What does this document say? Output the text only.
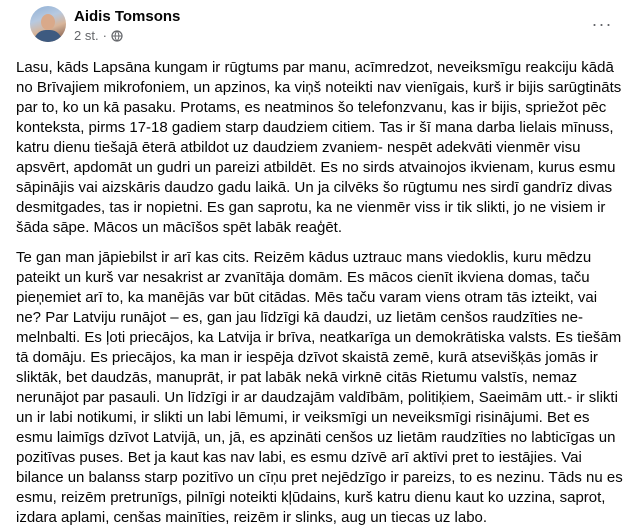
Aidis Tomsons
2 st. ·
···

Lasu, kāds Lapsāna kungam ir rūgtums par manu, acīmredzot, neveiksmīgu reakciju kādā no Brīvajiem mikrofoniem, un apzinos, ka viņš noteikti nav vienīgais, kurš ir bijis sarūgtināts par to, ko un kā pasaku. Protams, es neatminos šo telefonzvanu, kas ir bijis, spriežot pēc konteksta, pirms 17-18 gadiem starp daudziem citiem. Tas ir šī mana darba lielais mīnuss, katru dienu tiešajā ēterā atbildot uz daudziem zvaniem- nespēt adekvāti vienmēr visu apsvērt, apdomāt un gudri un pareizi atbildēt. Es no sirds atvainojos ikvienam, kurus esmu sāpinājis vai aizskāris daudzo gadu laikā. Un ja cilvēks šo rūgtumu nes sirdī gandrīz divas desmitgades, tas ir nopietni. Es gan saprotu, ka ne vienmēr viss ir tik slikti, jo ne visiem ir šāda sāpe. Mācos un mācīšos spēt labāk reaģēt.

Te gan man jāpiebilst ir arī kas cits. Reizēm kādus uztrauc mans viedoklis, kuru mēdzu pateikt un kurš var nesakrist ar zvanītāja domām. Es mācos cienīt ikviena domas, taču pieņemiet arī to, ka manējās var būt citādas. Mēs taču varam viens otram tās izteikt, vai ne? Par Latviju runājot – es, gan jau līdzīgi kā daudzi, uz lietām cenšos raudzīties ne-melnbalti. Es ļoti priecājos, ka Latvija ir brīva, neatkarīga un demokrātiska valsts. Es tiešām tā domāju. Es priecājos, ka man ir iespēja dzīvot skaistā zemē, kurā atsevišķās jomās ir sliktāk, bet daudzās, manuprāt, ir pat labāk nekā virknē citās Rietumu valstīs, nemaz nerunājot par pasauli. Un līdzīgi ir ar daudzajām valdībām, politiķiem, Saeimām utt.- ir slikti un ir labi notikumi, ir slikti un labi lēmumi, ir veiksmīgi un neveiksmīgi risinājumi. Bet es esmu laimīgs dzīvot Latvijā, un, jā, es apzināti cenšos uz lietām raudzīties no labticīgas un pozitīvas puses. Bet ja kaut kas nav labi, es esmu dzīvē arī aktīvi pret to iestājies. Vai bilance un balanss starp pozitīvo un cīņu pret nejēdzīgo ir pareizs, to es nezinu. Tāds nu es esmu, reizēm pretrunīgs, pilnīgi noteikti kļūdains, kurš katru dienu kaut ko uzzina, saprot, izdara aplami, cenšas mainīties, reizēm ir slinks, aug un tiecas uz labo.
